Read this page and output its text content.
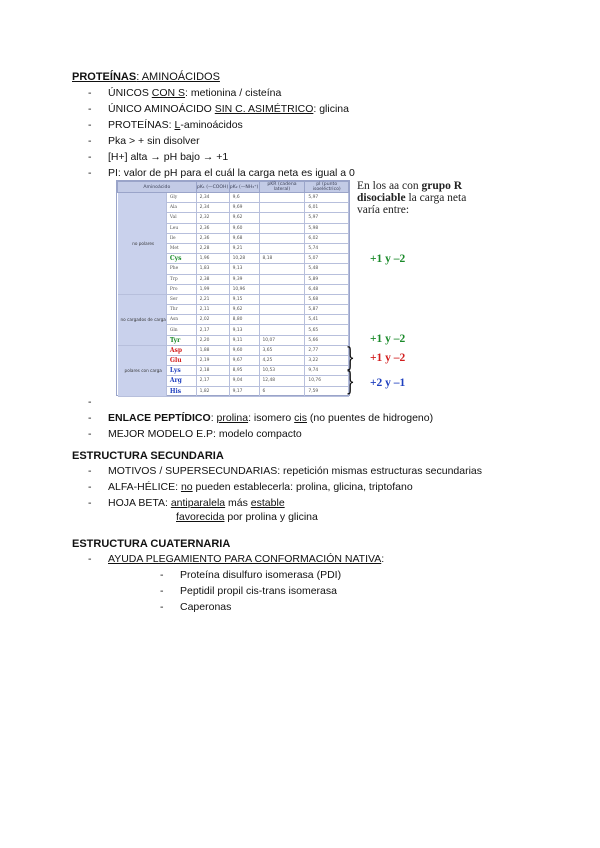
PROTEÍNAS: AMINOÁCIDOS
- ÚNICOS CON S: metionina / cisteína
- ÚNICO AMINOÁCIDO SIN C. ASIMÉTRICO: glicina
- PROTEÍNAS: L-aminoácidos
- Pka > + sin disolver
- [H+] alta → pH bajo → +1
- PI: valor de pH para el cuál la carga neta es igual a 0
Aminoácido		pK₁ (—COOH)	pK₂ (—NH₃⁺)	pKR (cadena lateral)	pI (punto isoeléctrico)
no polares	Gly	2,34	9,6		5,97
	Ala	2,34	9,69		6,01
	Val	2,32	9,62		5,97
	Leu	2,36	9,60		5,98
	Ile	2,36	9,68		6,02
	Met	2,28	9,21		5,74
	Cys	1,96	10,28	8,18	5,07
	Phe	1,83	9,13		5,48
	Trp	2,38	9,39		5,89
	Pro	1,99	10,96		6,48
no cargados de carga	Ser	2,21	9,15		5,68
	Thr	2,11	9,62		5,87
	Asn	2,02	8,80		5,41
	Gln	2,17	9,13		5,65
	Tyr	2,20	9,11	10,07	5,66
polares con carga	Asp	1,88	9,60	3,65	2,77
	Glu	2,19	9,67	4,25	3,22
	Lys	2,18	8,95	10,53	9,74
	Arg	2,17	9,04	12,48	10,76
	His	1,82	9,17	6	7,59
En los aa con grupo R disociable la carga neta varía entre:
+1 y –2
+1 y –2
} +1 y –2
} +2 y –1
-
- ENLACE PEPTÍDICO: prolina: isomero cis (no puentes de hidrogeno)
- MEJOR MODELO E.P: modelo compacto
ESTRUCTURA SECUNDARIA
- MOTIVOS / SUPERSECUNDARIAS: repetición mismas estructuras secundarias
- ALFA-HÉLICE: no pueden establecerla: prolina, glicina, triptofano
- HOJA BETA: antiparalela más estable
favorecida por prolina y glicina
ESTRUCTURA CUATERNARIA
- AYUDA PLEGAMIENTO PARA CONFORMACIÓN NATIVA:
- Proteína disulfuro isomerasa (PDI)
- Peptidil propil cis-trans isomerasa
- Caperonas
